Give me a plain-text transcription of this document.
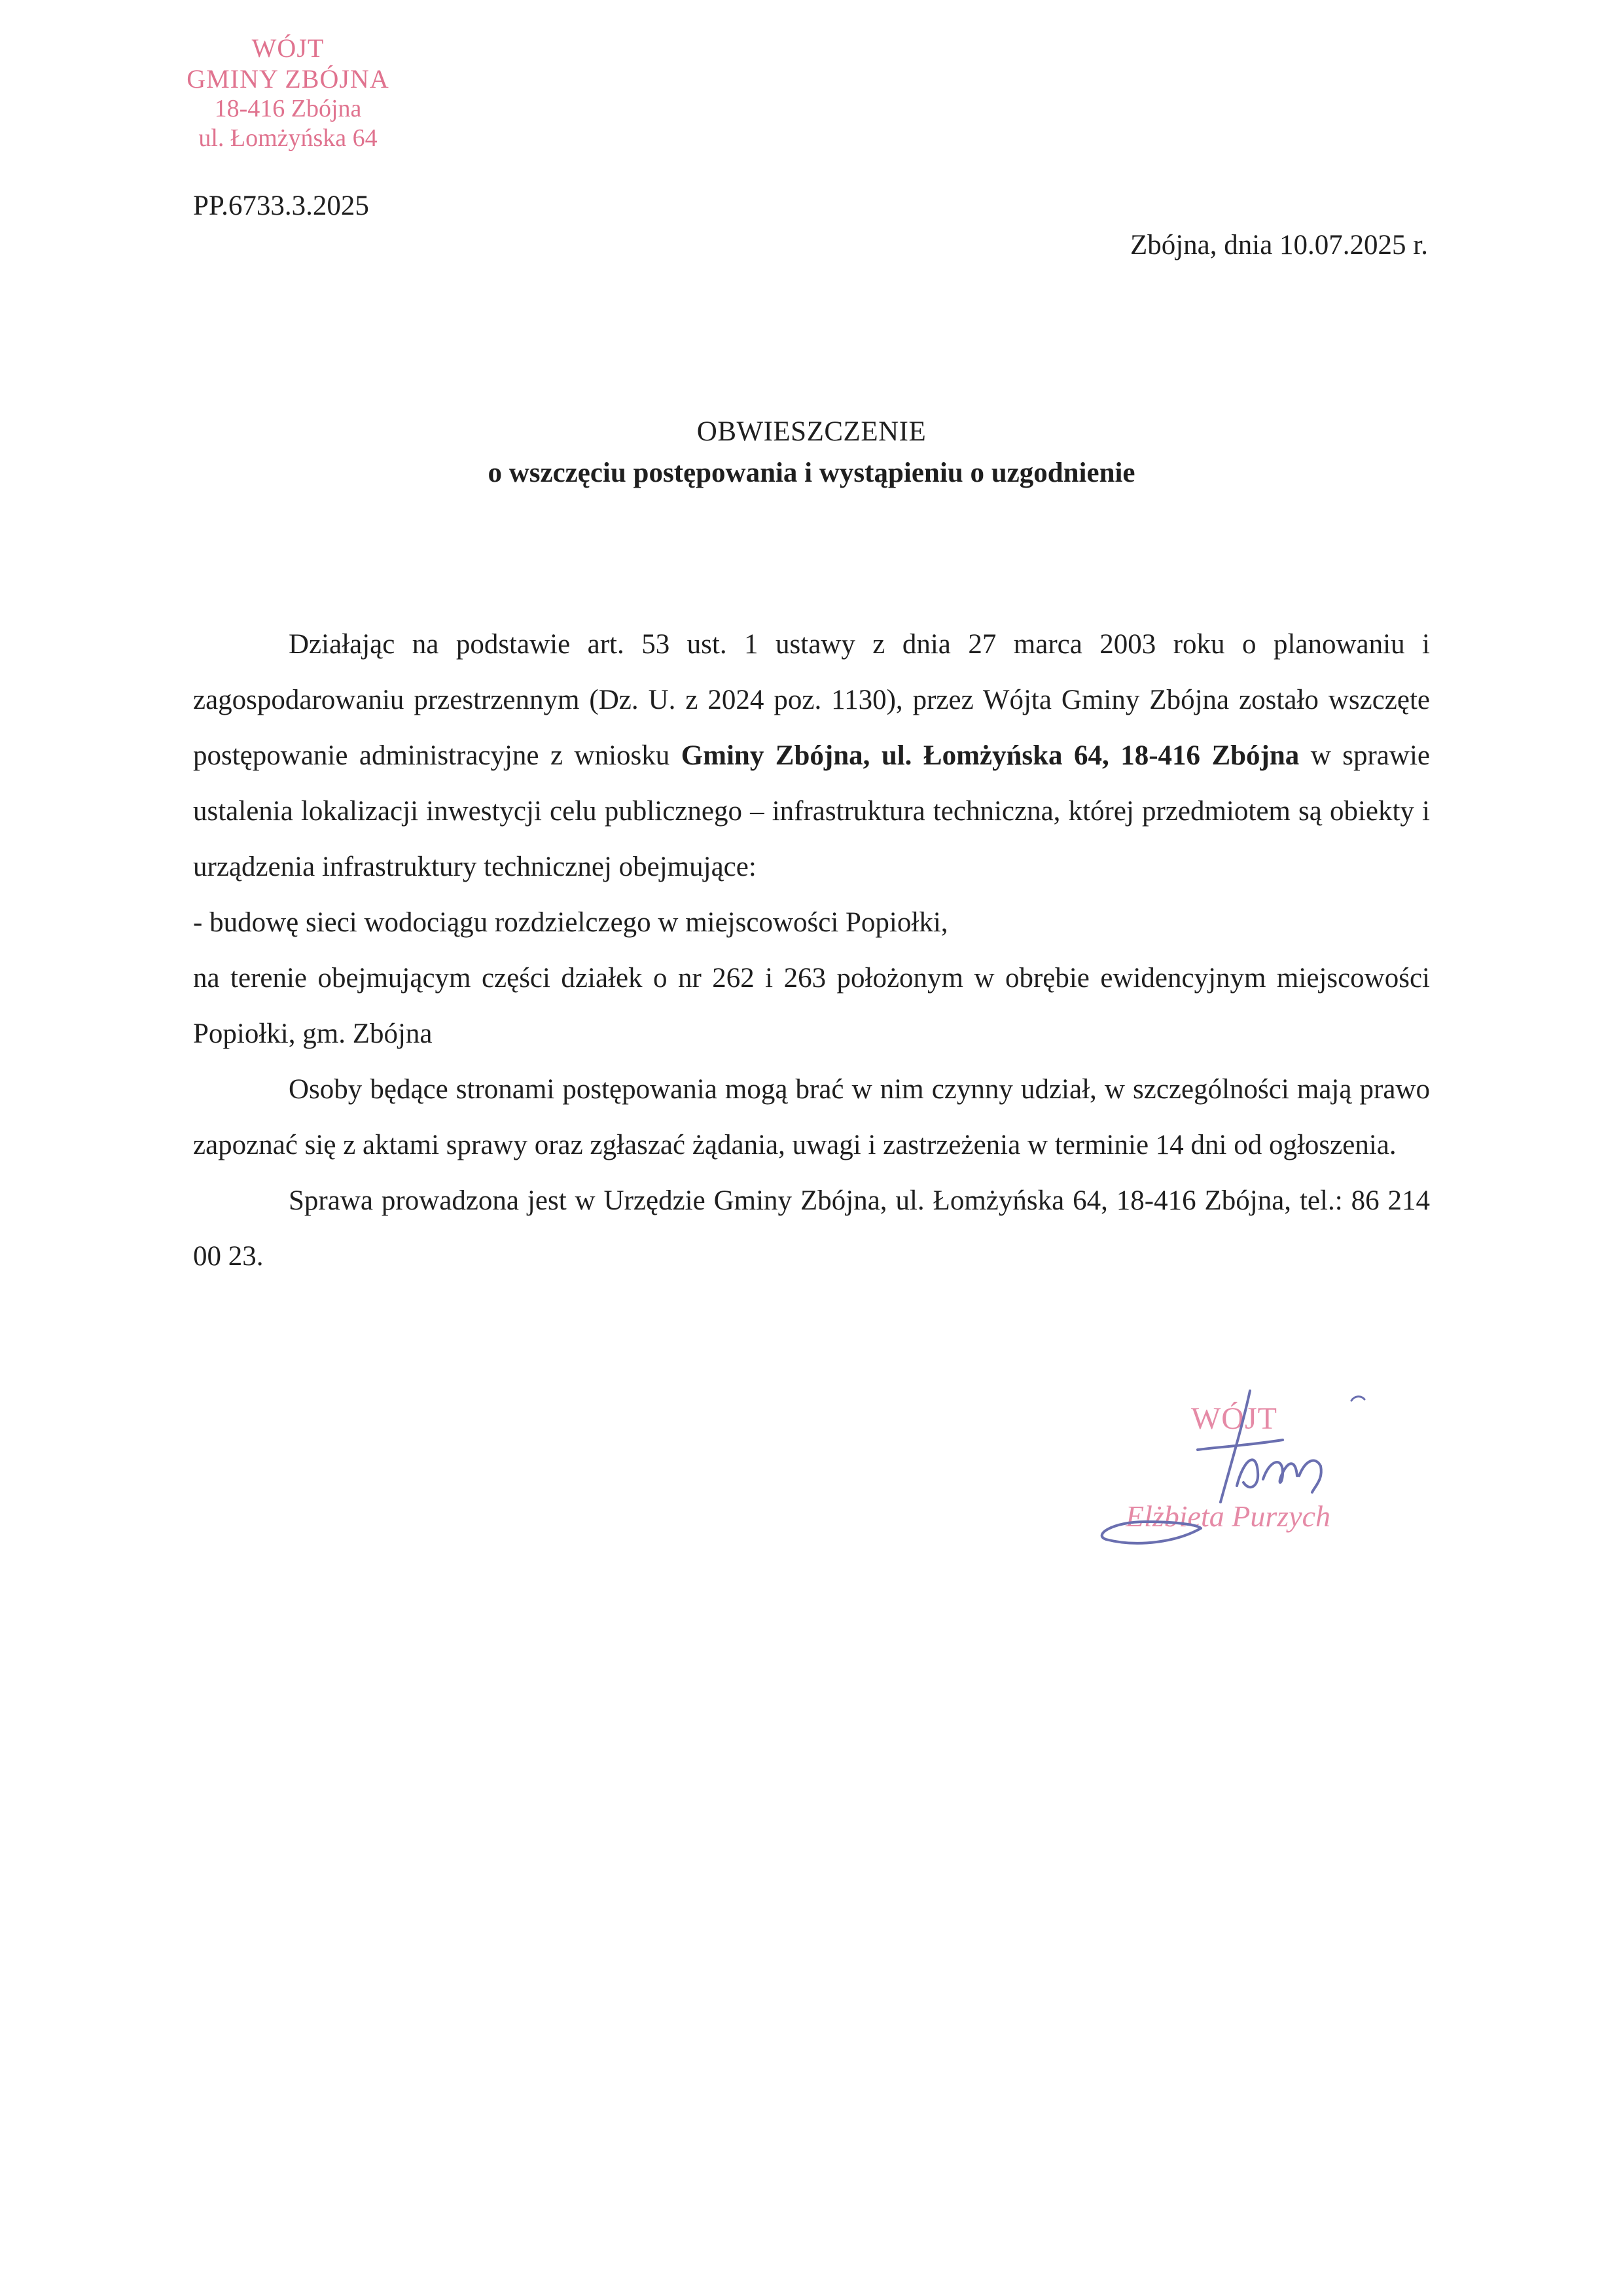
WÓJT
GMINY ZBÓJNA
18-416 Zbójna
ul. Łomżyńska 64
PP.6733.3.2025
Zbójna, dnia 10.07.2025 r.
OBWIESZCZENIE
o wszczęciu postępowania i wystąpieniu o uzgodnienie

Działając na podstawie art. 53 ust. 1 ustawy z dnia 27 marca 2003 roku o planowaniu i zagospodarowaniu przestrzennym (Dz. U. z 2024 poz. 1130), przez Wójta Gminy Zbójna zostało wszczęte postępowanie administracyjne z wniosku Gminy Zbójna, ul. Łomżyńska 64, 18-416 Zbójna w sprawie ustalenia lokalizacji inwestycji celu publicznego – infrastruktura techniczna, której przedmiotem są obiekty i urządzenia infrastruktury technicznej obejmujące:

- budowę sieci wodociągu rozdzielczego w miejscowości Popiołki,

na terenie obejmującym części działek o nr 262 i 263 położonym w obrębie ewidencyjnym miejscowości Popiołki, gm. Zbójna

Osoby będące stronami postępowania mogą brać w nim czynny udział, w szczególności mają prawo zapoznać się z aktami sprawy oraz zgłaszać żądania, uwagi i zastrzeżenia w terminie 14 dni od ogłoszenia.

Sprawa prowadzona jest w Urzędzie Gminy Zbójna, ul. Łomżyńska 64, 18-416 Zbójna, tel.: 86 214 00 23.

WÓJT
Elżbieta Purzych
